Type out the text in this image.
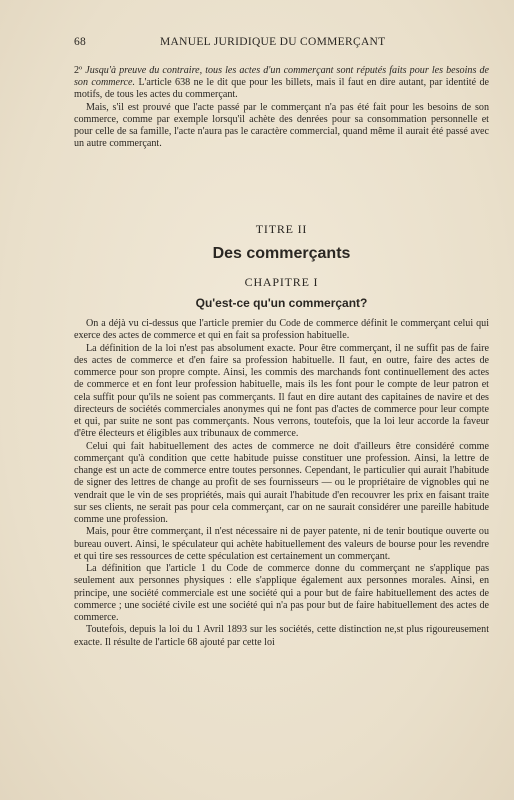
68	MANUEL JURIDIQUE DU COMMERÇANT

2º Jusqu'à preuve du contraire, tous les actes d'un commerçant sont réputés faits pour les besoins de son commerce. L'article 638 ne le dit que pour les billets, mais il faut en dire autant, par identité de motifs, de tous les actes du commerçant.

Mais, s'il est prouvé que l'acte passé par le commerçant n'a pas été fait pour les besoins de son commerce, comme par exemple lorsqu'il achète des denrées pour sa consommation personnelle et pour celle de sa famille, l'acte n'aura pas le caractère commercial, quand même il aurait été passé avec un autre commerçant.

TITRE II
Des commerçants
CHAPITRE I
Qu'est-ce qu'un commerçant?

On a déjà vu ci-dessus que l'article premier du Code de commerce définit le commerçant celui qui exerce des actes de commerce et qui en fait sa profession habituelle.

La définition de la loi n'est pas absolument exacte. Pour être commerçant, il ne suffit pas de faire des actes de commerce et d'en faire sa profession habituelle. Il faut, en outre, faire des actes de commerce pour son propre compte. Ainsi, les commis des marchands font continuellement des actes de commerce et en font leur profession habituelle, mais ils les font pour le compte de leur patron et cela suffit pour qu'ils ne soient pas commerçants. Il faut en dire autant des capitaines de navire et des directeurs de sociétés commerciales anonymes qui ne font pas d'actes de commerce pour leur compte et qui, par suite ne sont pas commerçants. Nous verrons, toutefois, que la loi leur accorde la faveur d'être électeurs et éligibles aux tribunaux de commerce.

Celui qui fait habituellement des actes de commerce ne doit d'ailleurs être considéré comme commerçant qu'à condition que cette habitude puisse constituer une profession. Ainsi, la lettre de change est un acte de commerce entre toutes personnes. Cependant, le particulier qui aurait l'habitude de signer des lettres de change au profit de ses fournisseurs — ou le propriétaire de vignobles qui ne vendrait que le vin de ses propriétés, mais qui aurait l'habitude d'en recouvrer les prix en faisant traite sur ses clients, ne serait pas pour cela commerçant, car on ne saurait considérer une pareille habitude comme une profession.

Mais, pour être commerçant, il n'est nécessaire ni de payer patente, ni de tenir boutique ouverte ou bureau ouvert. Ainsi, le spéculateur qui achète habituellement des valeurs de bourse pour les revendre et qui tire ses ressources de cette spéculation est certainement un commerçant.

La définition que l'article 1 du Code de commerce donne du commerçant ne s'applique pas seulement aux personnes physiques : elle s'applique également aux personnes morales. Ainsi, en principe, une société commerciale est une société qui a pour but de faire habituellement des actes de commerce ; une société civile est une société qui n'a pas pour but de faire habituellement des actes de commerce.

Toutefois, depuis la loi du 1 Avril 1893 sur les sociétés, cette distinction ne,st plus rigoureusement exacte. Il résulte de l'article 68 ajouté par cette loi
